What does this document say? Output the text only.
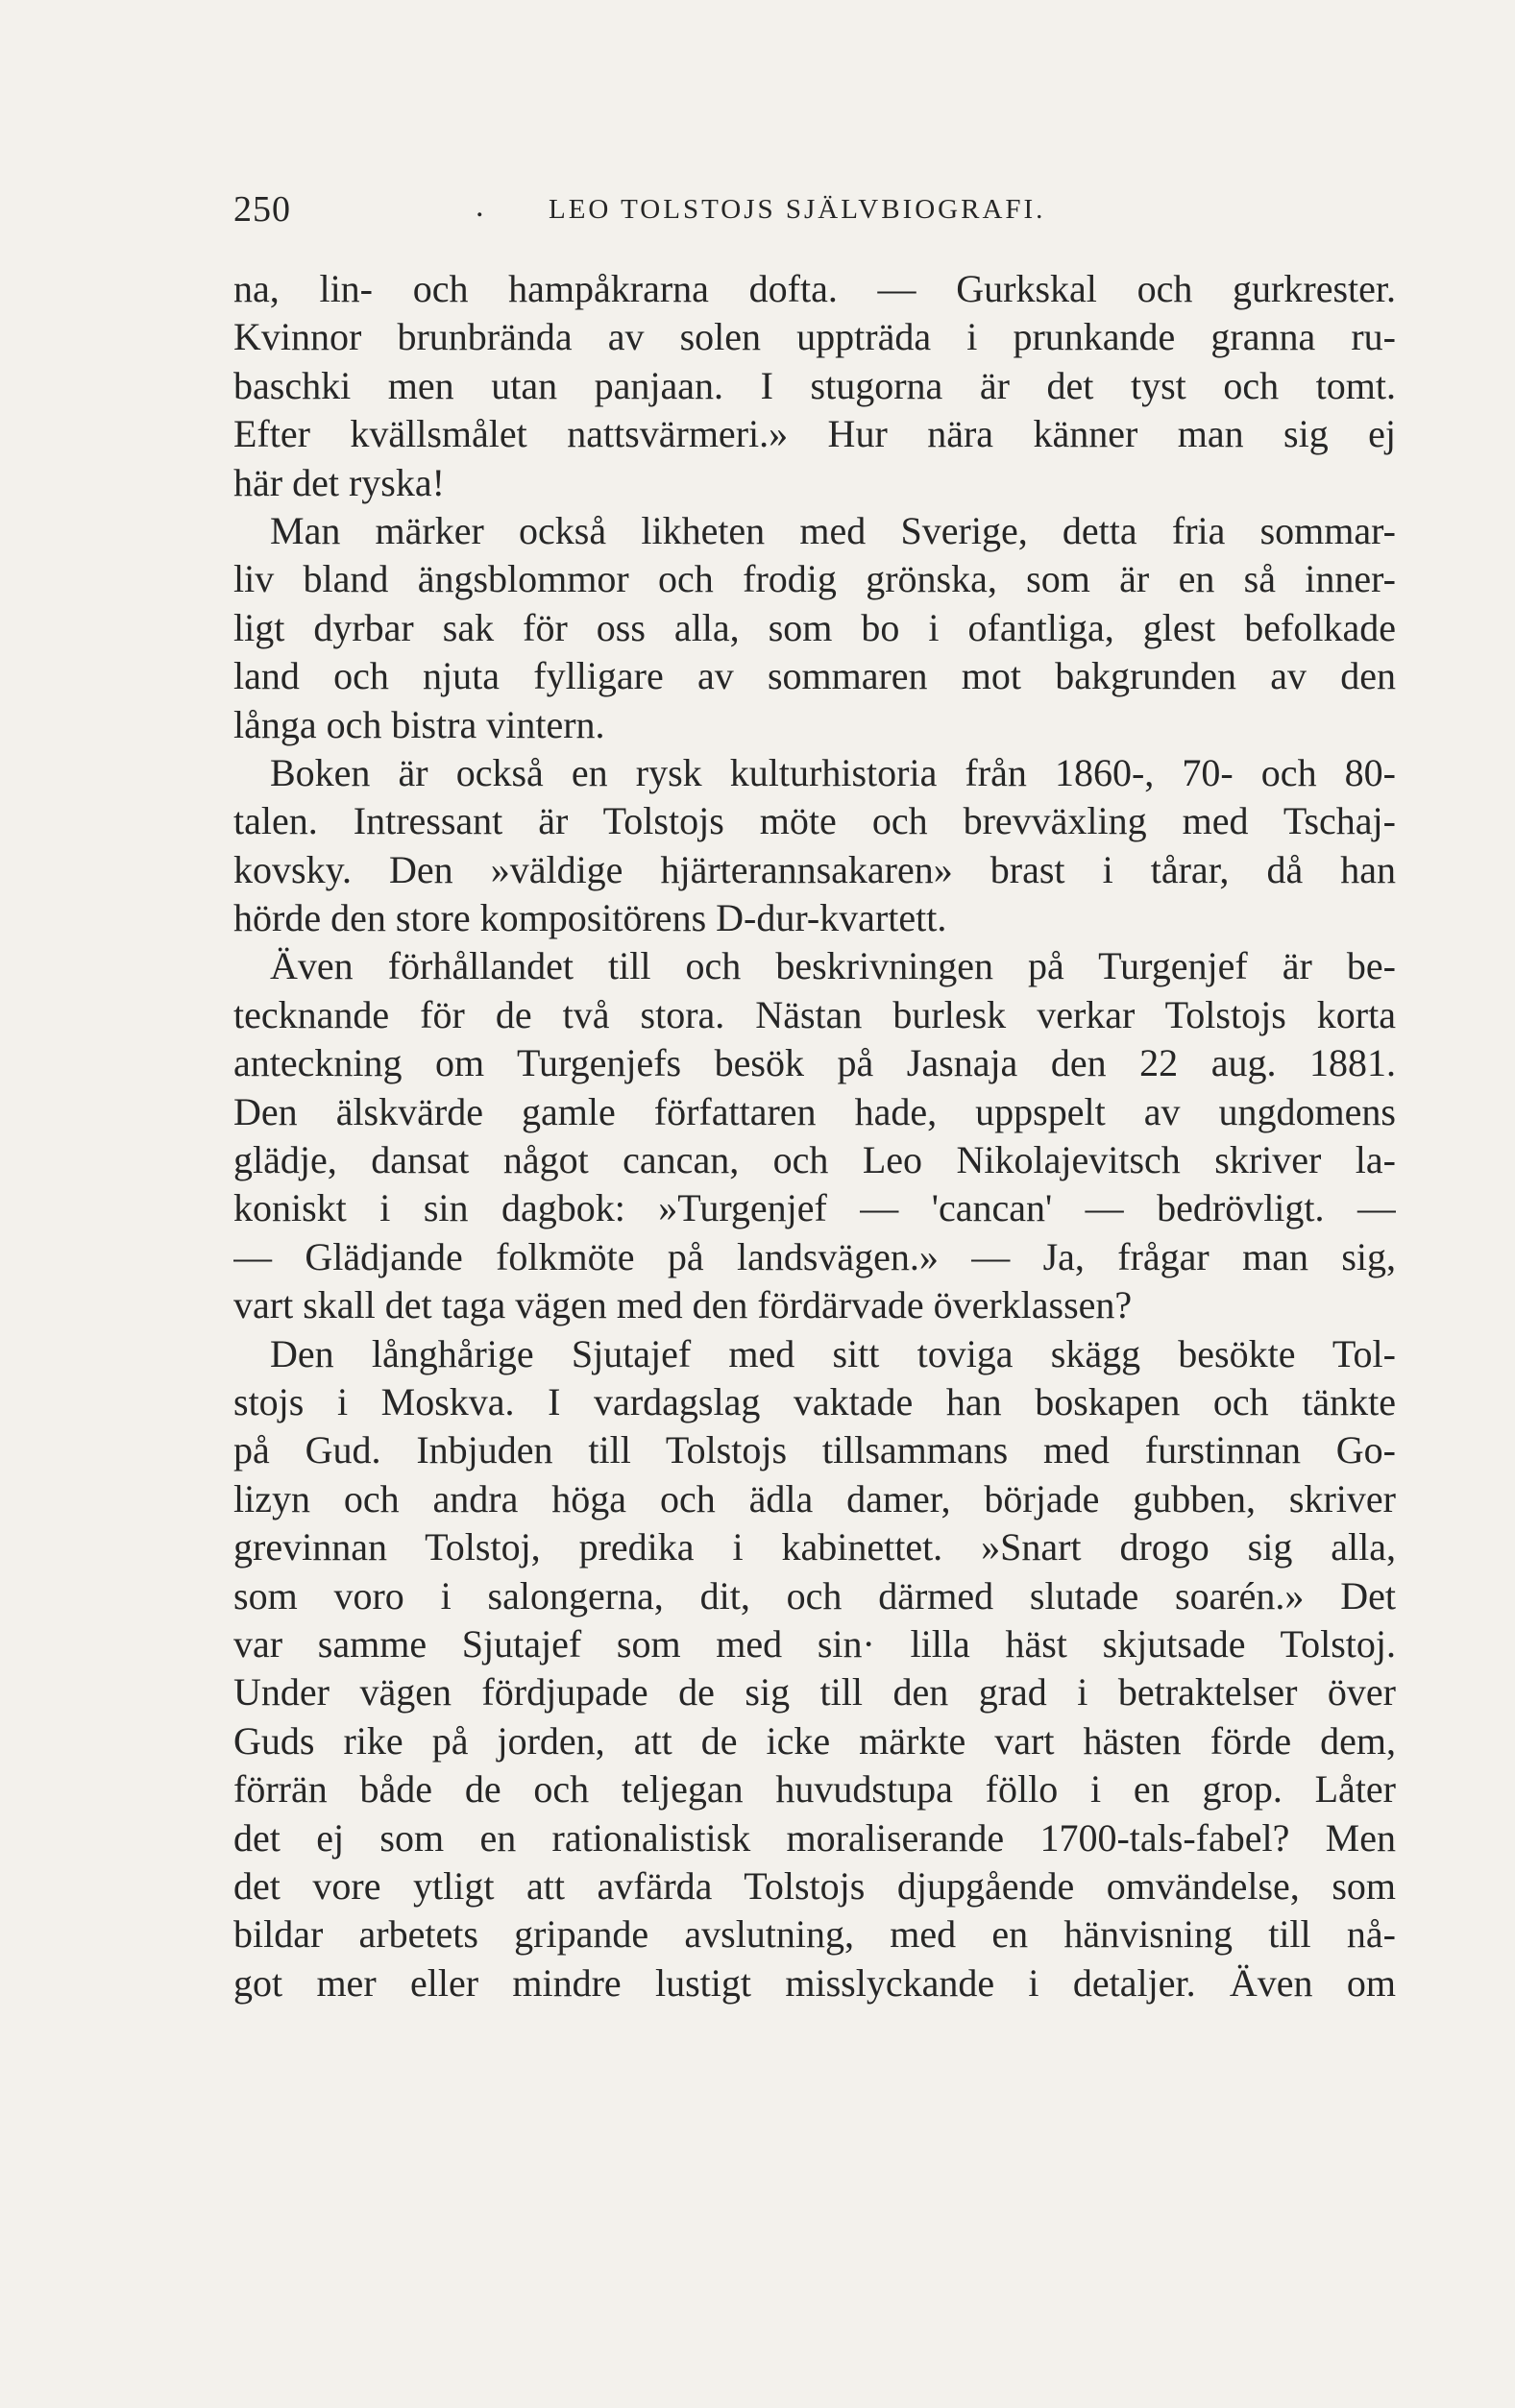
250	. LEO TOLSTOJS SJÄLVBIOGRAFI.
na, lin- och hampåkrarna dofta. — Gurkskal och gurkrester.
Kvinnor brunbrända av solen uppträda i prunkande granna ru-
baschki men utan panjaan. I stugorna är det tyst och tomt.
Efter kvällsmålet nattsvärmeri.» Hur nära känner man sig ej
här det ryska!
Man märker också likheten med Sverige, detta fria sommar-
liv bland ängsblommor och frodig grönska, som är en så inner-
ligt dyrbar sak för oss alla, som bo i ofantliga, glest befolkade
land och njuta fylligare av sommaren mot bakgrunden av den
långa och bistra vintern.
Boken är också en rysk kulturhistoria från 1860-, 70- och 80-
talen. Intressant är Tolstojs möte och brevväxling med Tschaj-
kovsky. Den »väldige hjärterannsakaren» brast i tårar, då han
hörde den store kompositörens D-dur-kvartett.
Även förhållandet till och beskrivningen på Turgenjef är be-
tecknande för de två stora. Nästan burlesk verkar Tolstojs korta
anteckning om Turgenjefs besök på Jasnaja den 22 aug. 1881.
Den älskvärde gamle författaren hade, uppspelt av ungdomens
glädje, dansat något cancan, och Leo Nikolajevitsch skriver la-
koniskt i sin dagbok: »Turgenjef — 'cancan' — bedrövligt. —
— Glädjande folkmöte på landsvägen.» — Ja, frågar man sig,
vart skall det taga vägen med den fördärvade överklassen?
Den långhårige Sjutajef med sitt toviga skägg besökte Tol-
stojs i Moskva. I vardagslag vaktade han boskapen och tänkte
på Gud. Inbjuden till Tolstojs tillsammans med furstinnan Go-
lizyn och andra höga och ädla damer, började gubben, skriver
grevinnan Tolstoj, predika i kabinettet. »Snart drogo sig alla,
som voro i salongerna, dit, och därmed slutade soarén.» Det
var samme Sjutajef som med sin· lilla häst skjutsade Tolstoj.
Under vägen fördjupade de sig till den grad i betraktelser över
Guds rike på jorden, att de icke märkte vart hästen förde dem,
förrän både de och teljegan huvudstupa föllo i en grop. Låter
det ej som en rationalistisk moraliserande 1700-tals-fabel? Men
det vore ytligt att avfärda Tolstojs djupgående omvändelse, som
bildar arbetets gripande avslutning, med en hänvisning till nå-
got mer eller mindre lustigt misslyckande i detaljer. Även om
